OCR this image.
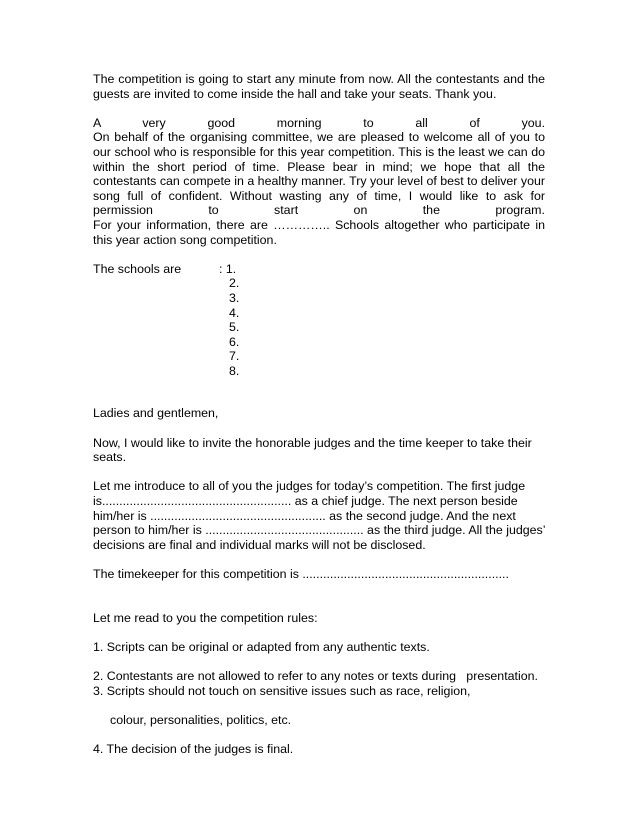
The competition is going to start any minute from now. All the contestants and the guests are invited to come inside the hall and take your seats. Thank you.

A	very	good	morning	to	all	of	you.

On behalf of the organising committee, we are pleased to welcome all of you to our school who is responsible for this year competition. This is the least we can do within the short period of time. Please bear in mind; we hope that all the contestants can compete in a healthy manner. Try your level of best to deliver your song full of confident. Without wasting any of time, I would like to ask for

permission	to	start	on	the	program.

For your information, there are ………….. Schools altogether who participate in this year action song competition.

The schools are	: 1.
2.
3.
4.
5.
6.
7.
8.

Ladies and gentlemen,

Now, I would like to invite the honorable judges and the time keeper to take their seats.

Let me introduce to all of you the judges for today’s competition. The first judge is....................................................... as a chief judge. The next person beside him/her is ................................................... as the second judge. And the next person to him/her is .............................................. as the third judge. All the judges’ decisions are final and individual marks will not be disclosed.

The timekeeper for this competition is ............................................................

Let me read to you the competition rules:

1. Scripts can be original or adapted from any authentic texts.

2. Contestants are not allowed to refer to any notes or texts during   presentation.

3. Scripts should not touch on sensitive issues such as race, religion,

colour, personalities, politics, etc.

4. The decision of the judges is final.
